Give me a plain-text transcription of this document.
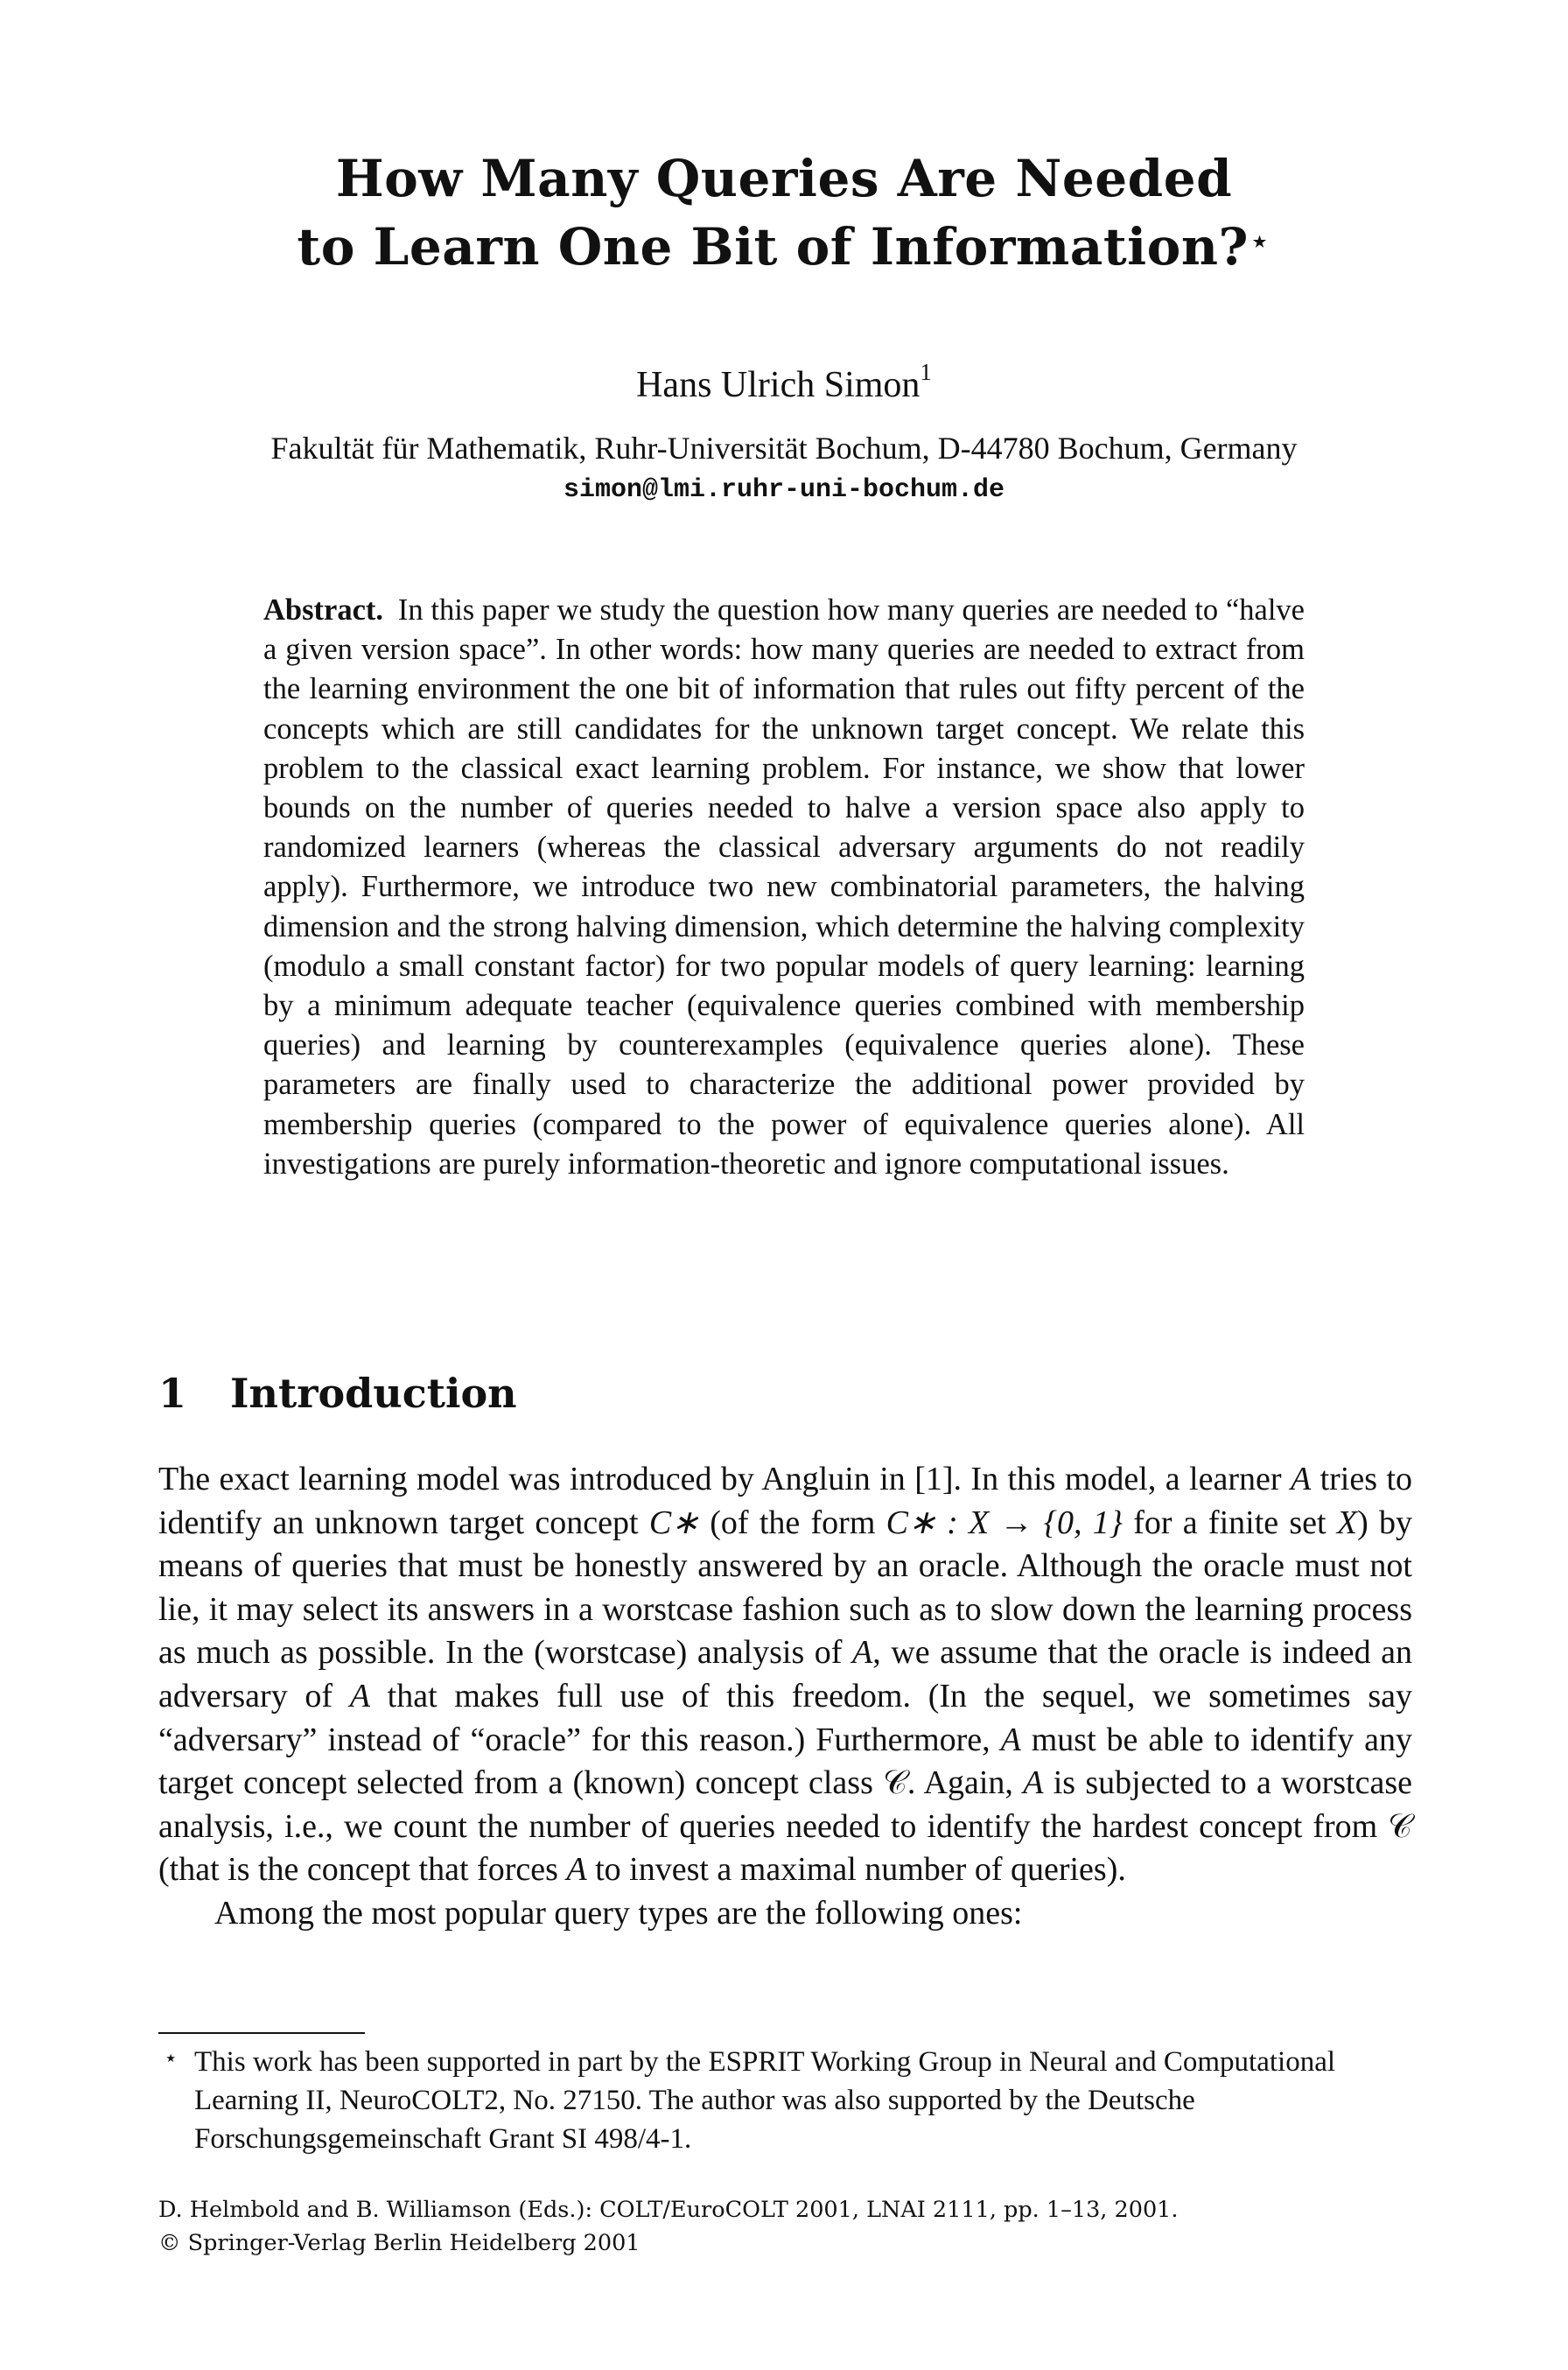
How Many Queries Are Needed
to Learn One Bit of Information?⋆
Hans Ulrich Simon$^1$
Fakultät für Mathematik, Ruhr-Universität Bochum, D-44780 Bochum, Germany
simon@lmi.ruhr-uni-bochum.de
Abstract. In this paper we study the question how many queries are needed to “halve a given version space”. In other words: how many queries are needed to extract from the learning environment the one bit of information that rules out fifty percent of the concepts which are still candidates for the unknown target concept. We relate this problem to the classical exact learning problem. For instance, we show that lower bounds on the number of queries needed to halve a version space also apply to randomized learners (whereas the classical adversary arguments do not readily apply). Furthermore, we introduce two new combinatorial parameters, the halving dimension and the strong halving dimension, which determine the halving complexity (modulo a small constant factor) for two popular models of query learning: learning by a minimum adequate teacher (equivalence queries combined with membership queries) and learning by counterexamples (equivalence queries alone). These parameters are finally used to characterize the additional power provided by membership queries (compared to the power of equivalence queries alone). All investigations are purely information-theoretic and ignore computational issues.
1 Introduction

The exact learning model was introduced by Angluin in [1]. In this model, a learner A tries to identify an unknown target concept C∗ (of the form C∗ : X → {0, 1} for a finite set X) by means of queries that must be honestly answered by an oracle. Although the oracle must not lie, it may select its answers in a worstcase fashion such as to slow down the learning process as much as possible. In the (worstcase) analysis of A, we assume that the oracle is indeed an adversary of A that makes full use of this freedom. (In the sequel, we sometimes say “adversary” instead of “oracle” for this reason.) Furthermore, A must be able to identify any target concept selected from a (known) concept class 𝒞. Again, A is subjected to a worstcase analysis, i.e., we count the number of queries needed to identify the hardest concept from 𝒞 (that is the concept that forces A to invest a maximal number of queries).

Among the most popular query types are the following ones:

⋆ This work has been supported in part by the ESPRIT Working Group in Neural and Computational Learning II, NeuroCOLT2, No. 27150. The author was also supported by the Deutsche Forschungsgemeinschaft Grant SI 498/4-1.
D. Helmbold and B. Williamson (Eds.): COLT/EuroCOLT 2001, LNAI 2111, pp. 1–13, 2001.
© Springer-Verlag Berlin Heidelberg 2001
